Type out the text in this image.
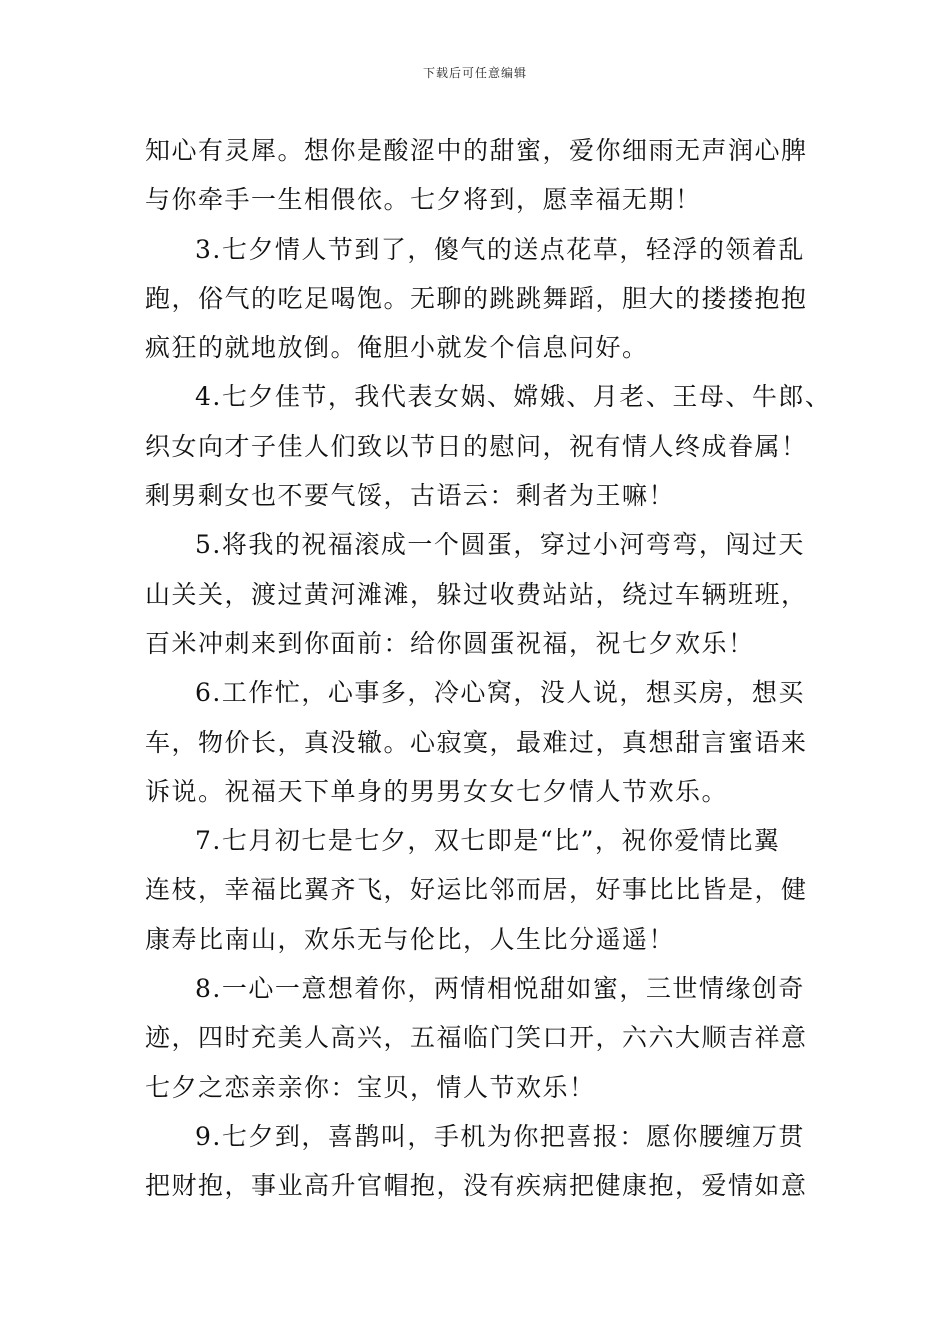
下载后可任意编辑
知心有灵犀。想你是酸涩中的甜蜜，爱你细雨无声润心脾
与你牵手一生相偎依。七夕将到，愿幸福无期！
3.七夕情人节到了，傻气的送点花草，轻浮的领着乱
跑，俗气的吃足喝饱。无聊的跳跳舞蹈，胆大的搂搂抱抱
疯狂的就地放倒。俺胆小就发个信息问好。
4.七夕佳节，我代表女娲、嫦娥、月老、王母、牛郎、
织女向才子佳人们致以节日的慰问，祝有情人终成眷属！
剩男剩女也不要气馁，古语云：剩者为王嘛！
5.将我的祝福滚成一个圆蛋，穿过小河弯弯，闯过天
山关关，渡过黄河滩滩，躲过收费站站，绕过车辆班班，
百米冲刺来到你面前：给你圆蛋祝福，祝七夕欢乐！
6.工作忙，心事多，冷心窝，没人说，想买房，想买
车，物价长，真没辙。心寂寞，最难过，真想甜言蜜语来
诉说。祝福天下单身的男男女女七夕情人节欢乐。
7.七月初七是七夕，双七即是“比”，祝你爱情比翼
连枝，幸福比翼齐飞，好运比邻而居，好事比比皆是，健
康寿比南山，欢乐无与伦比，人生比分遥遥！
8.一心一意想着你，两情相悦甜如蜜，三世情缘创奇
迹，四时充美人高兴，五福临门笑口开，六六大顺吉祥意
七夕之恋亲亲你：宝贝，情人节欢乐！
9.七夕到，喜鹊叫，手机为你把喜报：愿你腰缠万贯
把财抱，事业高升官帽抱，没有疾病把健康抱，爱情如意
